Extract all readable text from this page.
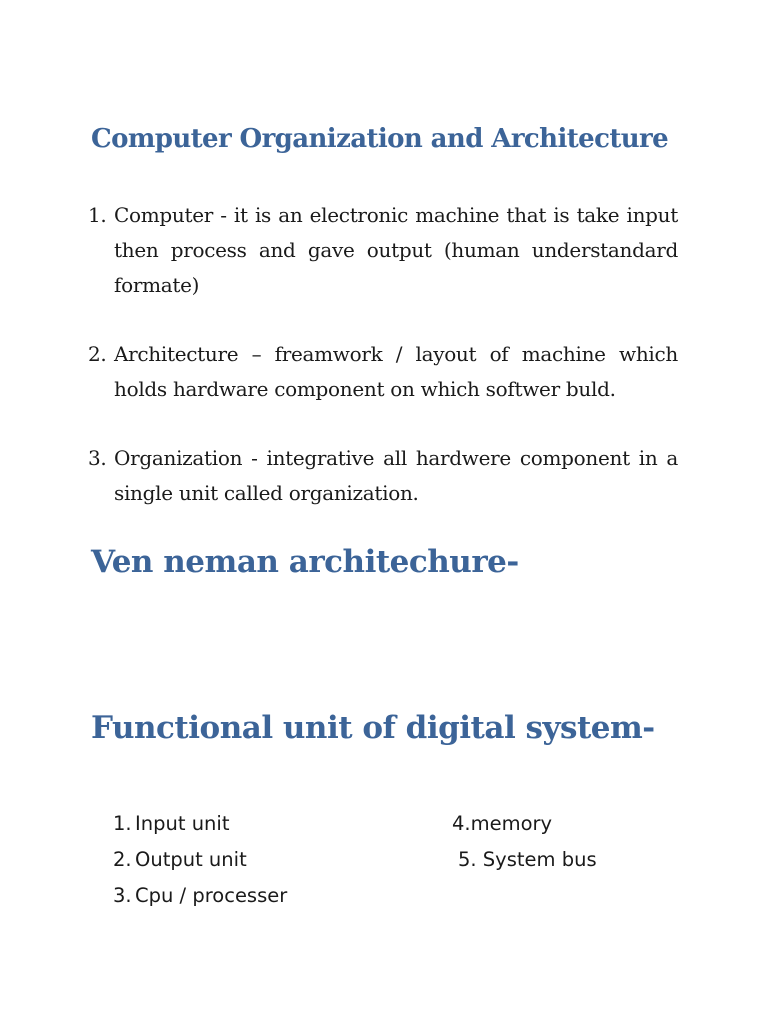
Computer Organization and Architecture
1. Computer - it is an electronic machine that is take input then process and gave output (human understandard formate)
2. Architecture – freamwork / layout of machine which holds hardware component on which softwer buld.
3. Organization - integrative all hardwere component in a single unit called organization.
Ven neman architechure-
Functional unit of digital system-
1. Input unit
2. Output unit
3. Cpu / processer
4.memory
5. System bus
